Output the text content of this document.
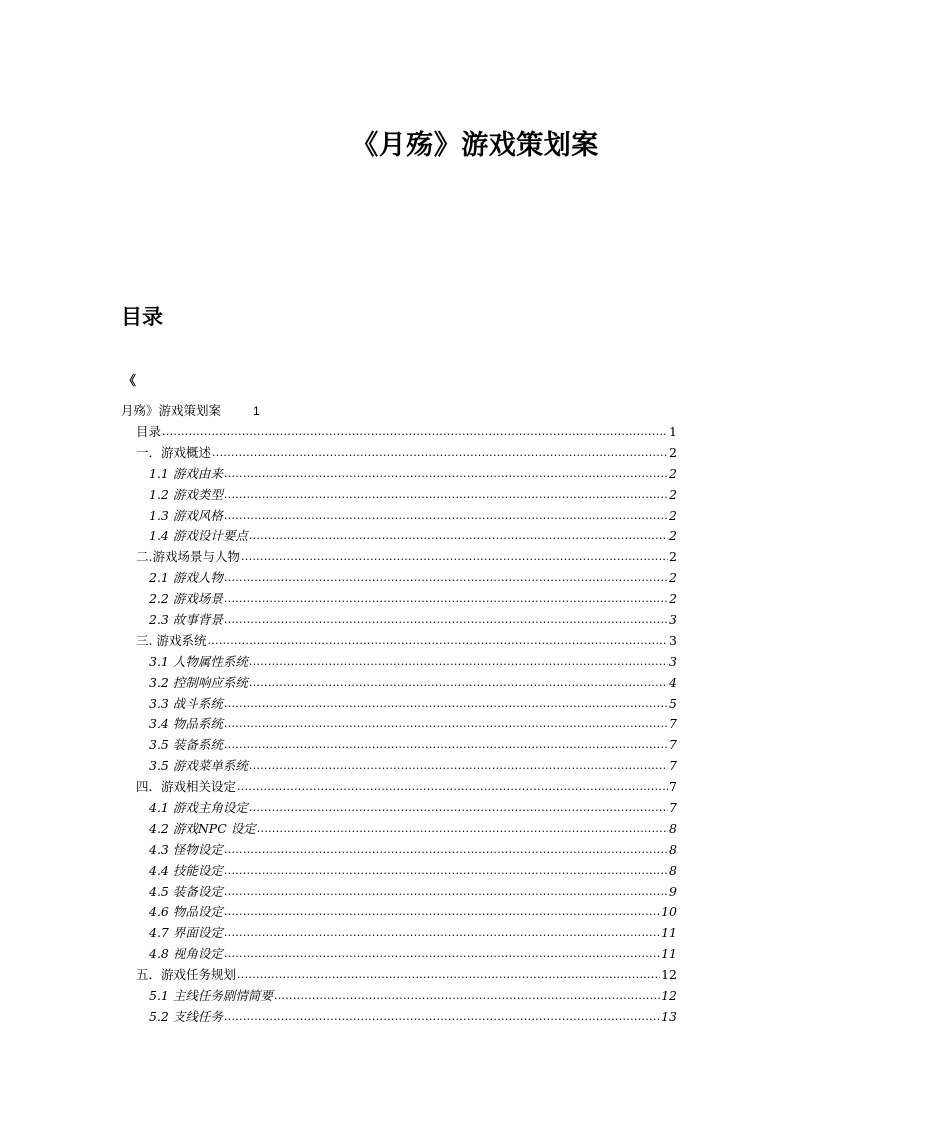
《月殇》游戏策划案
目录
《
月殇》游戏策划案	1
目录 .....	1
一．游戏概述 .....	2
1.1 游戏由来 .....	2
1.2 游戏类型 .....	2
1.3 游戏风格 .....	2
1.4 游戏设计要点 .....	2
二.游戏场景与人物 .....	2
2.1 游戏人物 .....	2
2.2 游戏场景 .....	2
2.3 故事背景 .....	3
三. 游戏系统 .....	3
3.1 人物属性系统 .....	3
3.2 控制响应系统 .....	4
3.3 战斗系统 .....	5
3.4 物品系统 .....	7
3.5 装备系统 .....	7
3.5 游戏菜单系统 .....	7
四．游戏相关设定 .....	7
4.1 游戏主角设定 .....	7
4.2 游戏NPC 设定 .....	8
4.3 怪物设定 .....	8
4.4 技能设定 .....	8
4.5 装备设定 .....	9
4.6 物品设定 .....	10
4.7 界面设定 .....	11
4.8 视角设定 .....	11
五．游戏任务规划 .....	12
5.1 主线任务剧情简要 .....	12
5.2 支线任务 .....	13
